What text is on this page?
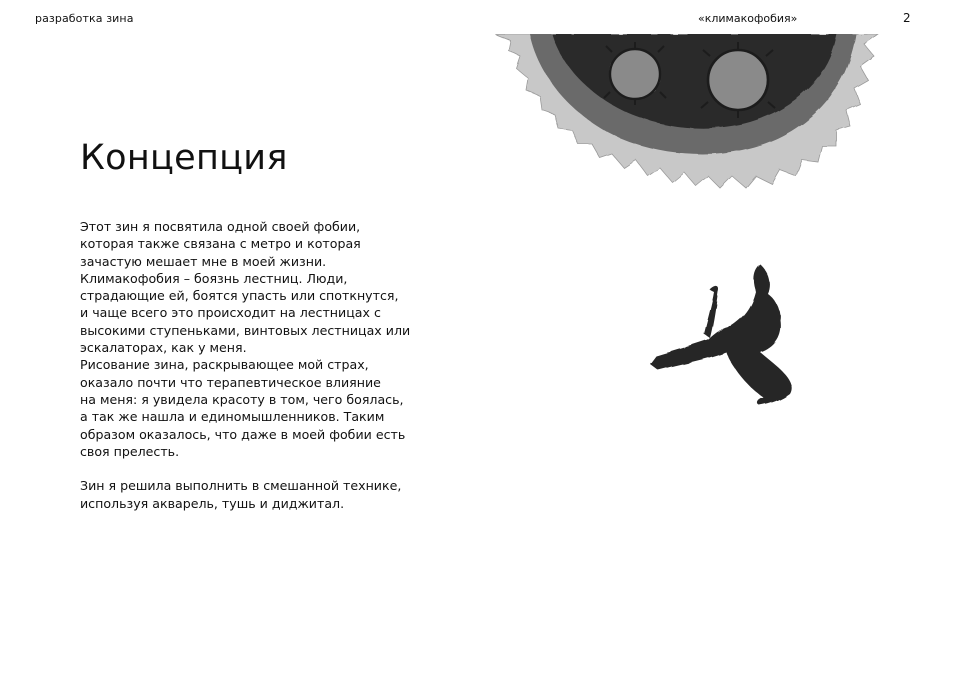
разработка зина	«климакофобия»	2
Концепция

Этот зин я посвятила одной своей фобии,
которая также связана с метро и которая
зачастую мешает мне в моей жизни.
Климакофобия – боязнь лестниц. Люди,
страдающие ей, боятся упасть или споткнутся,
и чаще всего это происходит на лестницах с
высокими ступеньками, винтовых лестницах или
эскалаторах, как у меня.
Рисование зина, раскрывающее мой страх,
оказало почти что терапевтическое влияние
на меня: я увидела красоту в том, чего боялась,
а так же нашла и единомышленников. Таким
образом оказалось, что даже в моей фобии есть
своя прелесть.

Зин я решила выполнить в смешанной технике,
используя акварель, тушь и диджитал.
